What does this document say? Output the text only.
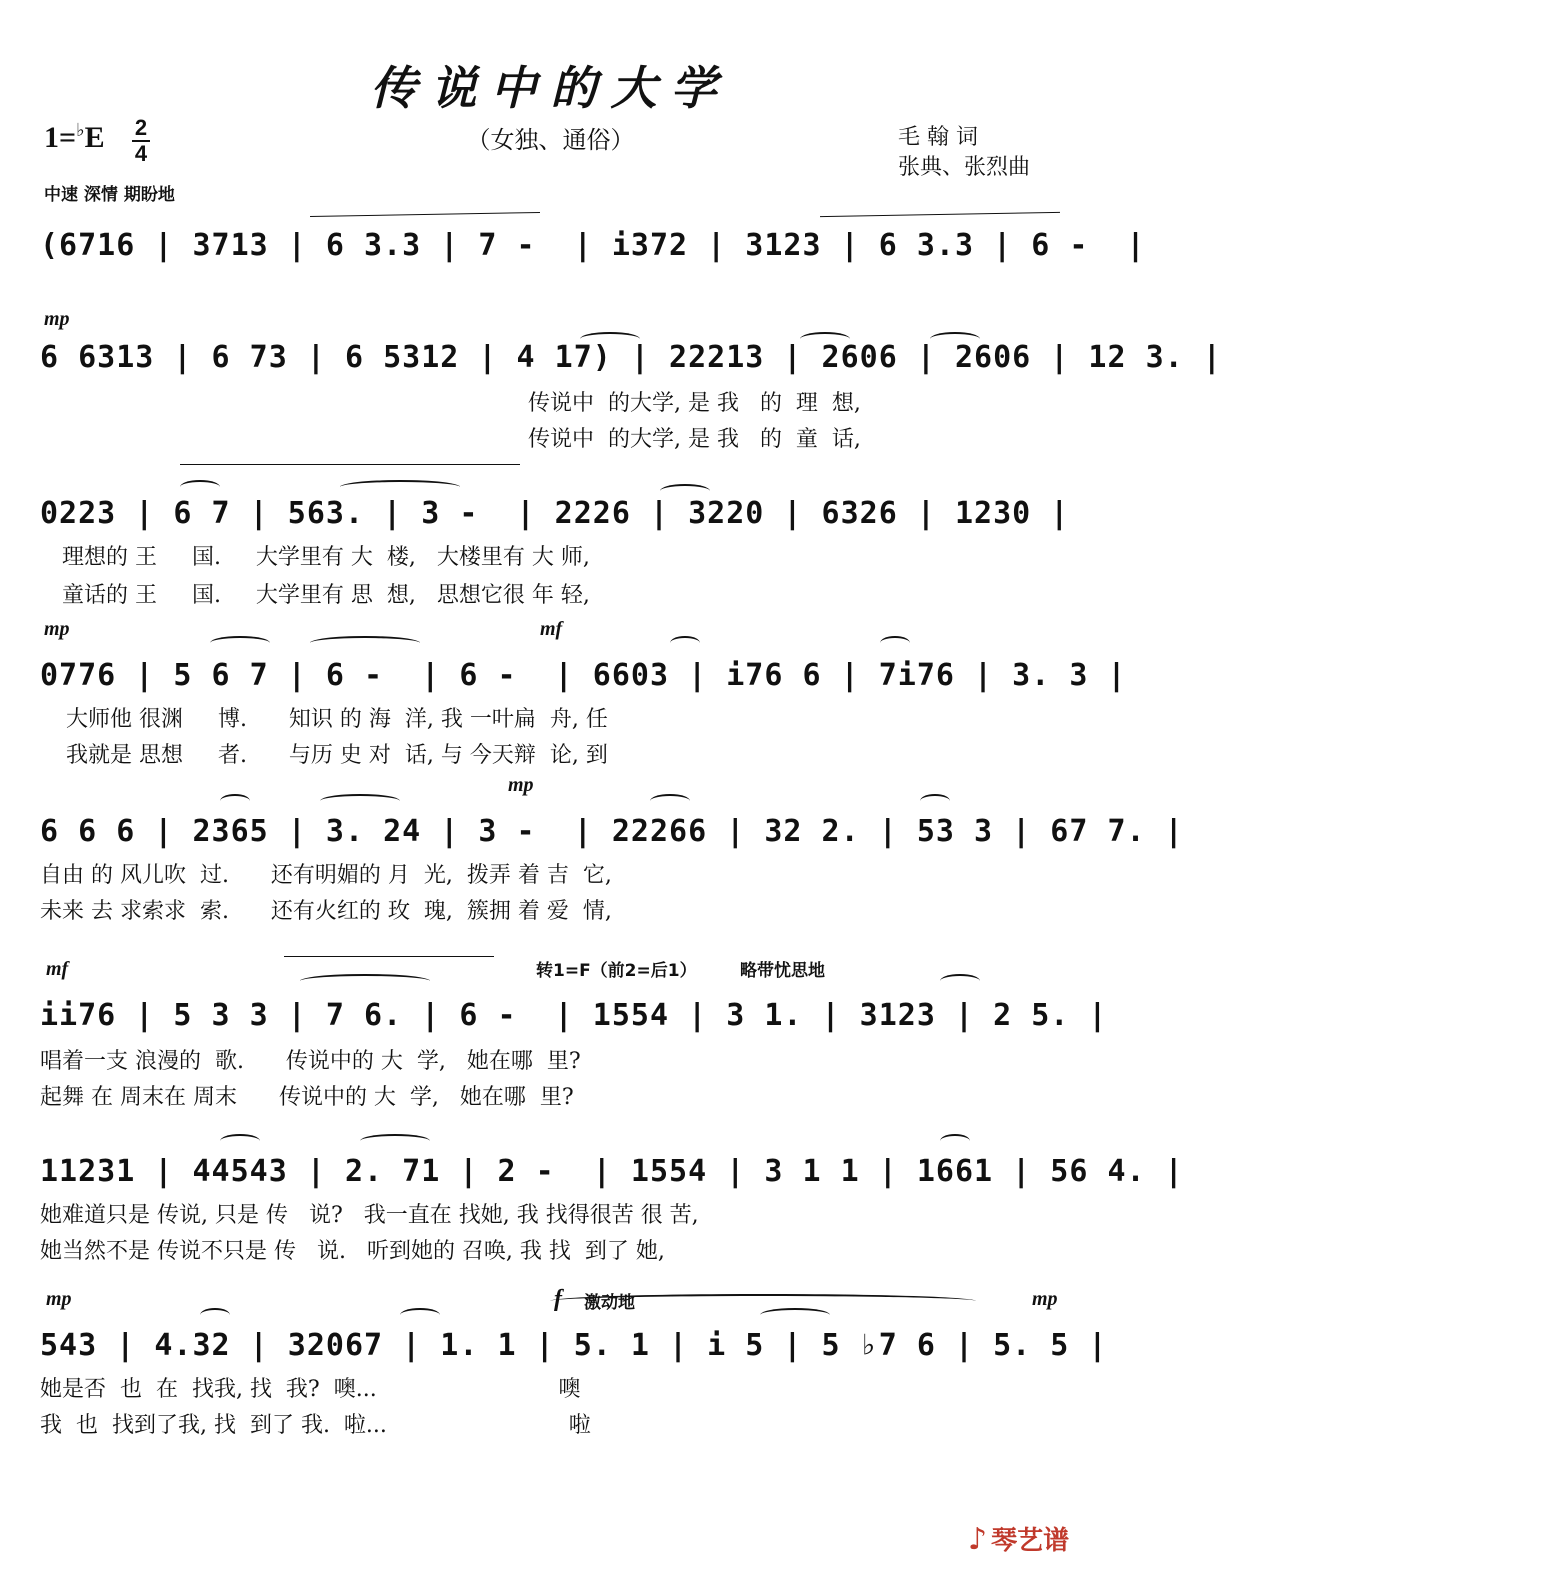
传说中的大学
（女独、通俗）
1=♭E 2
4
中速 深情 期盼地
毛 翰 词
张典、张烈曲
(6716 | 3713 | 6 3.3 | 7 -  | i372 | 3123 | 6 3.3 | 6 -  |
mp
6 6313 | 6 73 | 6 5312 | 4 17) | 22213 | 2606 | 2606 | 12 3. |
传说中  的大学, 是 我   的  理  想,
传说中  的大学, 是 我   的  童  话,
0223 | 6 7 | 563. | 3 -  | 2226 | 3220 | 6326 | 1230 |
理想的 王     国.     大学里有 大  楼,   大楼里有 大 师,
童话的 王     国.     大学里有 思  想,   思想它很 年 轻,
mp	mf
0776 | 5 6 7 | 6 -  | 6 -  | 6603 | i76 6 | 7i76 | 3. 3 |
大师他 很渊     博.      知识 的 海  洋, 我 一叶扁  舟, 任
我就是 思想     者.      与历 史 对  话, 与 今天辩  论, 到
mp
6 6 6 | 2365 | 3. 24 | 3 -  | 22266 | 32 2. | 53 3 | 67 7. |
自由 的 风儿吹  过.      还有明媚的 月  光,  拨弄 着 吉  它,
未来 去 求索求  索.      还有火红的 玫  瑰,  簇拥 着 爱  情,
mf	转1=F（前2=后1）	略带忧思地
ii76 | 5 3 3 | 7 6. | 6 -  | 1554 | 3 1. | 3123 | 2 5. |
唱着一支 浪漫的  歌.      传说中的 大  学,   她在哪  里?
起舞 在 周末在 周末      传说中的 大  学,   她在哪  里?
11231 | 44543 | 2. 71 | 2 -  | 1554 | 3 1 1 | 1661 | 56 4. |
她难道只是 传说, 只是 传   说?   我一直在 找她, 我 找得很苦 很 苦,
她当然不是 传说不只是 传   说.   听到她的 召唤, 我 找  到了 她,
mp	f 激动地	mp
543 | 4.32 | 32067 | 1. 1 | 5. 1 | i 5 | 5 ♭7 6 | 5. 5 |
她是否  也  在  找我, 找  我?  噢...                          噢
我  也  找到了我, 找  到了 我.  啦...                          啦
♪ 琴艺谱
